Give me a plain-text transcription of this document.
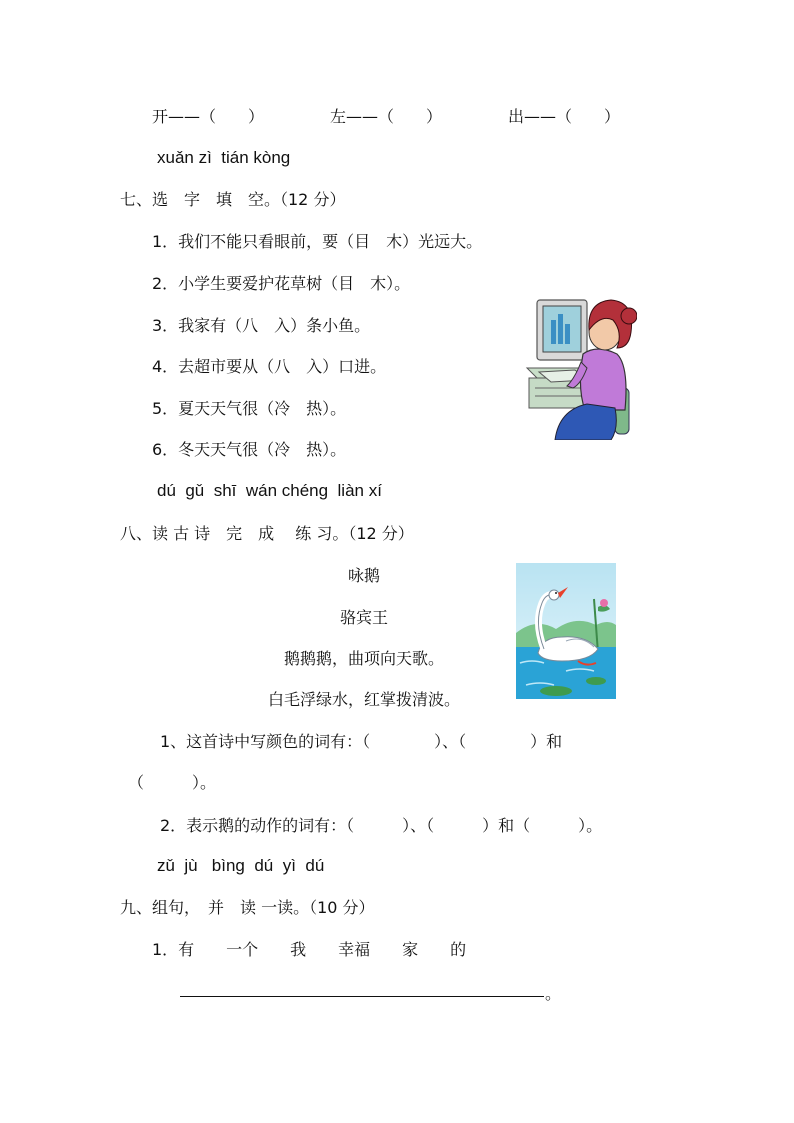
开——（　　）	左——（　　）	出——（　　）
xuǎn zì  tián kòng
七、选　字　填　空。（12 分）
1．我们不能只看眼前，要（目　木）光远大。
2．小学生要爱护花草树（目　木）。
3．我家有（八　入）条小鱼。
4．去超市要从（八　入）口进。
5．夏天天气很（冷　热）。
6．冬天天气很（冷　热）。
dú  gǔ  shī  wán chéng  liàn xí
八、读 古 诗　完　成　 练 习。（12 分）
咏鹅
骆宾王
鹅鹅鹅，曲项向天歌。
白毛浮绿水，红掌拨清波。
1、这首诗中写颜色的词有：（　　　　）、（　　　　）和
（　　　）。
2．表示鹅的动作的词有：（　　　）、（　　　）和（　　　）。
zǔ  jù   bìng  dú  yì  dú
九、组句，　并　读 一读。（10 分）
1．有　　一个　　我　　幸福　　家　　的
。
